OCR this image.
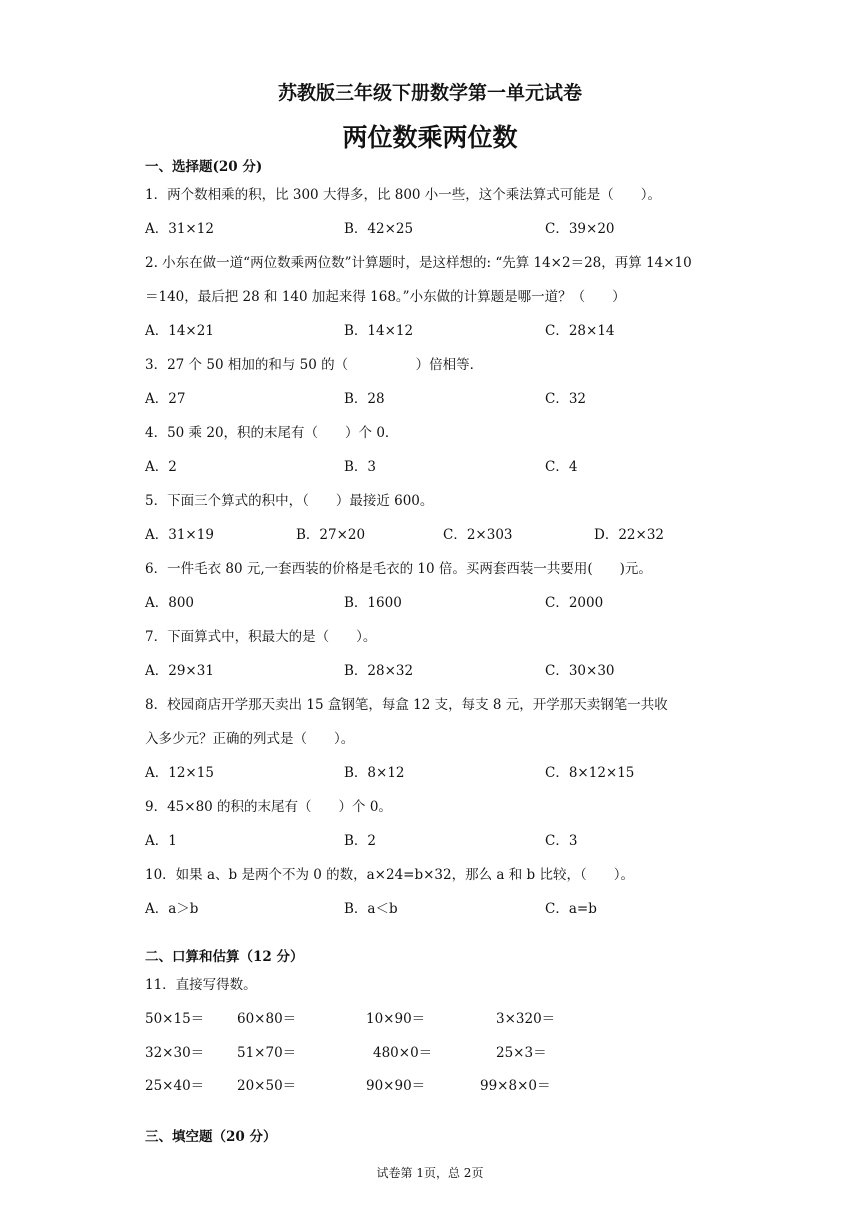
苏教版三年级下册数学第一单元试卷
两位数乘两位数
一、选择题(20 分)
1．两个数相乘的积，比 300 大得多，比 800 小一些，这个乘法算式可能是（　　）。
A．31×12	B．42×25	C．39×20
2. 小东在做一道“两位数乘两位数”计算题时，是这样想的: “先算 14×2＝28，再算 14×10
＝140，最后把 28 和 140 加起来得 168。”小东做的计算题是哪一道？（　　）
A．14×21	B．14×12	C．28×14
3．27 个 50 相加的和与 50 的（　　　　　）倍相等．
A．27	B．28	C．32
4．50 乘 20，积的末尾有（　　）个 0．
A．2	B．3	C．4
5．下面三个算式的积中，（　　）最接近 600。
A．31×19	B．27×20	C．2×303	D．22×32
6．一件毛衣 80 元,一套西装的价格是毛衣的 10 倍。买两套西装一共要用(　　)元。
A．800	B．1600	C．2000
7．下面算式中，积最大的是（　　）。
A．29×31	B．28×32	C．30×30
8．校园商店开学那天卖出 15 盒钢笔，每盒 12 支，每支 8 元，开学那天卖钢笔一共收
入多少元？正确的列式是（　　）。
A．12×15	B．8×12	C．8×12×15
9．45×80 的积的末尾有（　　）个 0。
A．1	B．2	C．3
10．如果 a、b 是两个不为 0 的数，a×24=b×32，那么 a 和 b 比较，（　　）。
A．a＞b	B．a＜b	C．a=b
二、口算和估算（12 分）
11．直接写得数。
50×15＝ 60×80＝	10×90＝	3×320＝
32×30＝ 51×70＝	480×0＝	25×3＝
25×40＝ 20×50＝	90×90＝	99×8×0＝
三、填空题（20 分）
试卷第 1页，总 2页
